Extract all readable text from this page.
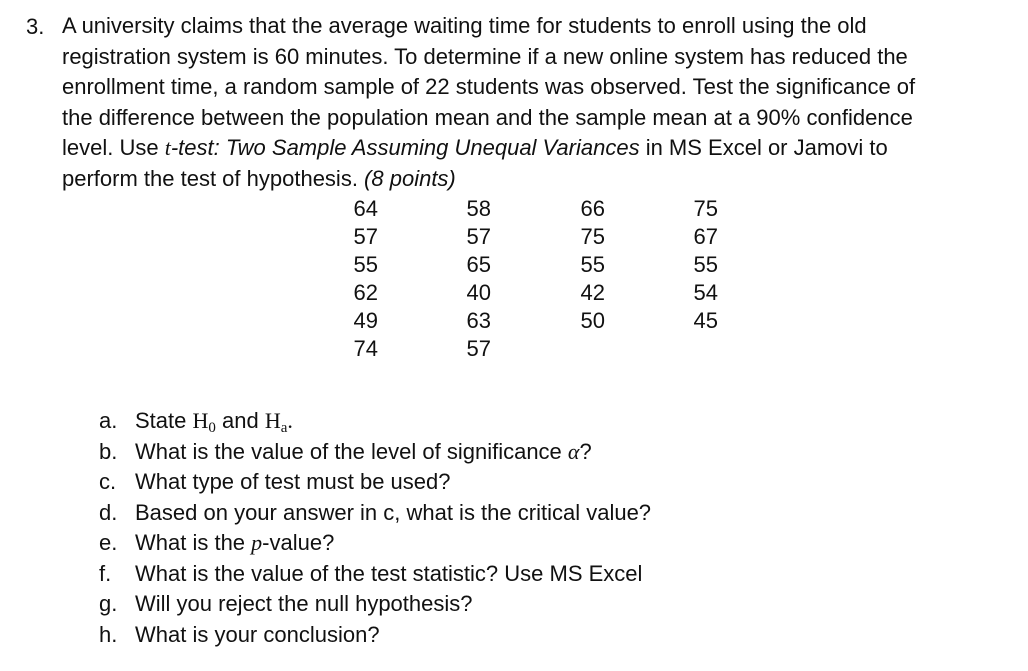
3. A university claims that the average waiting time for students to enroll using the old
registration system is 60 minutes. To determine if a new online system has reduced the
enrollment time, a random sample of 22 students was observed. Test the significance of
the difference between the population mean and the sample mean at a 90% confidence
level. Use t-test: Two Sample Assuming Unequal Variances in MS Excel or Jamovi to
perform the test of hypothesis. (8 points)
64
57
55
62
49
74
58
57
65
40
63
57
66
75
55
42
50
75
67
55
54
45
a. State $H_0$ and $H_a$.
b. What is the value of the level of significance α?
c. What type of test must be used?
d. Based on your answer in c, what is the critical value?
e. What is the p-value?
f. What is the value of the test statistic? Use MS Excel
g. Will you reject the null hypothesis?
h. What is your conclusion?
